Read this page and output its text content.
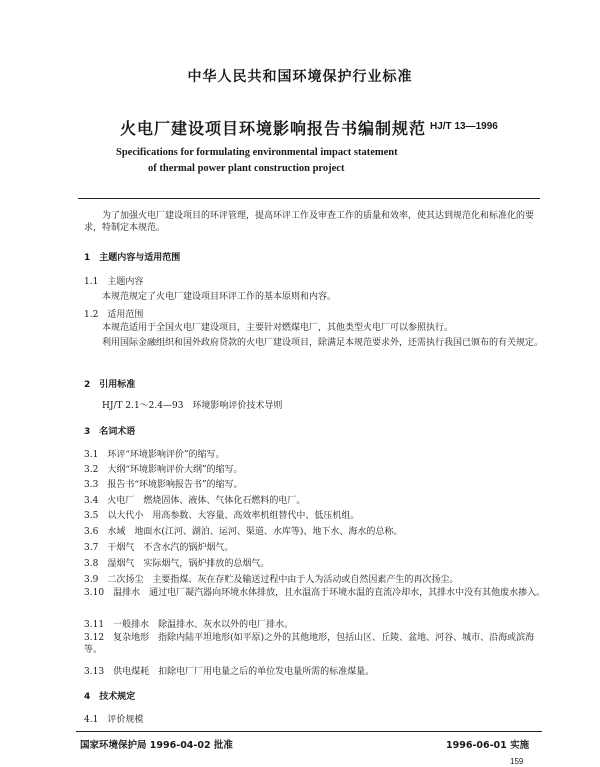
中华人民共和国环境保护行业标准
火电厂建设项目环境影响报告书编制规范 HJ/T 13—1996
Specifications for formulating environmental impact statement
of thermal power plant construction project
为了加强火电厂建设项目的环评管理，提高环评工作及审查工作的质量和效率，使其达到规范化和标准化的要求，特制定本规范。
1　主题内容与适用范围
1.1　主题内容
本规范规定了火电厂建设项目环评工作的基本原则和内容。
1.2　适用范围
本规范适用于全国火电厂建设项目，主要针对燃煤电厂，其他类型火电厂可以参照执行。
利用国际金融组织和国外政府贷款的火电厂建设项目，除满足本规范要求外，还需执行我国已颁布的有关规定。
2　引用标准
HJ/T 2.1～2.4—93　环境影响评价技术导则
3　名词术语
3.1　 环评“环境影响评价”的缩写。
3.2　 大纲“环境影响评价大纲”的缩写。
3.3　 报告书“环境影响报告书”的缩写。
3.4　 火电厂　燃烧固体、液体、气体化石燃料的电厂。
3.5　 以大代小　用高参数、大容量、高效率机组替代中、低压机组。
3.6　 水域　地面水(江河、湖泊、运河、渠道、水库等)、地下水、海水的总称。
3.7　 干烟气　不含水汽的锅炉烟气。
3.8　 湿烟气　实际烟气，锅炉排放的总烟气。
3.9　 二次扬尘　主要指煤、灰在存贮及输送过程中由于人为活动或自然因素产生的再次扬尘。
3.10　 温排水　通过电厂凝汽器向环境水体排放，且水温高于环境水温的直流冷却水，其排水中没有其他废水掺入。
3.11　 一般排水　除温排水、灰水以外的电厂排水。
3.12　 复杂地形　指除内陆平坦地形(如平原)之外的其他地形，包括山区、丘陵、盆地、河谷、城市、沿海或滨海等。
3.13　 供电煤耗　扣除电厂厂用电量之后的单位发电量所需的标准煤量。
4　技术规定
4.1　评价规模
国家环境保护局 1996-04-02 批准	1996-06-01 实施
159
